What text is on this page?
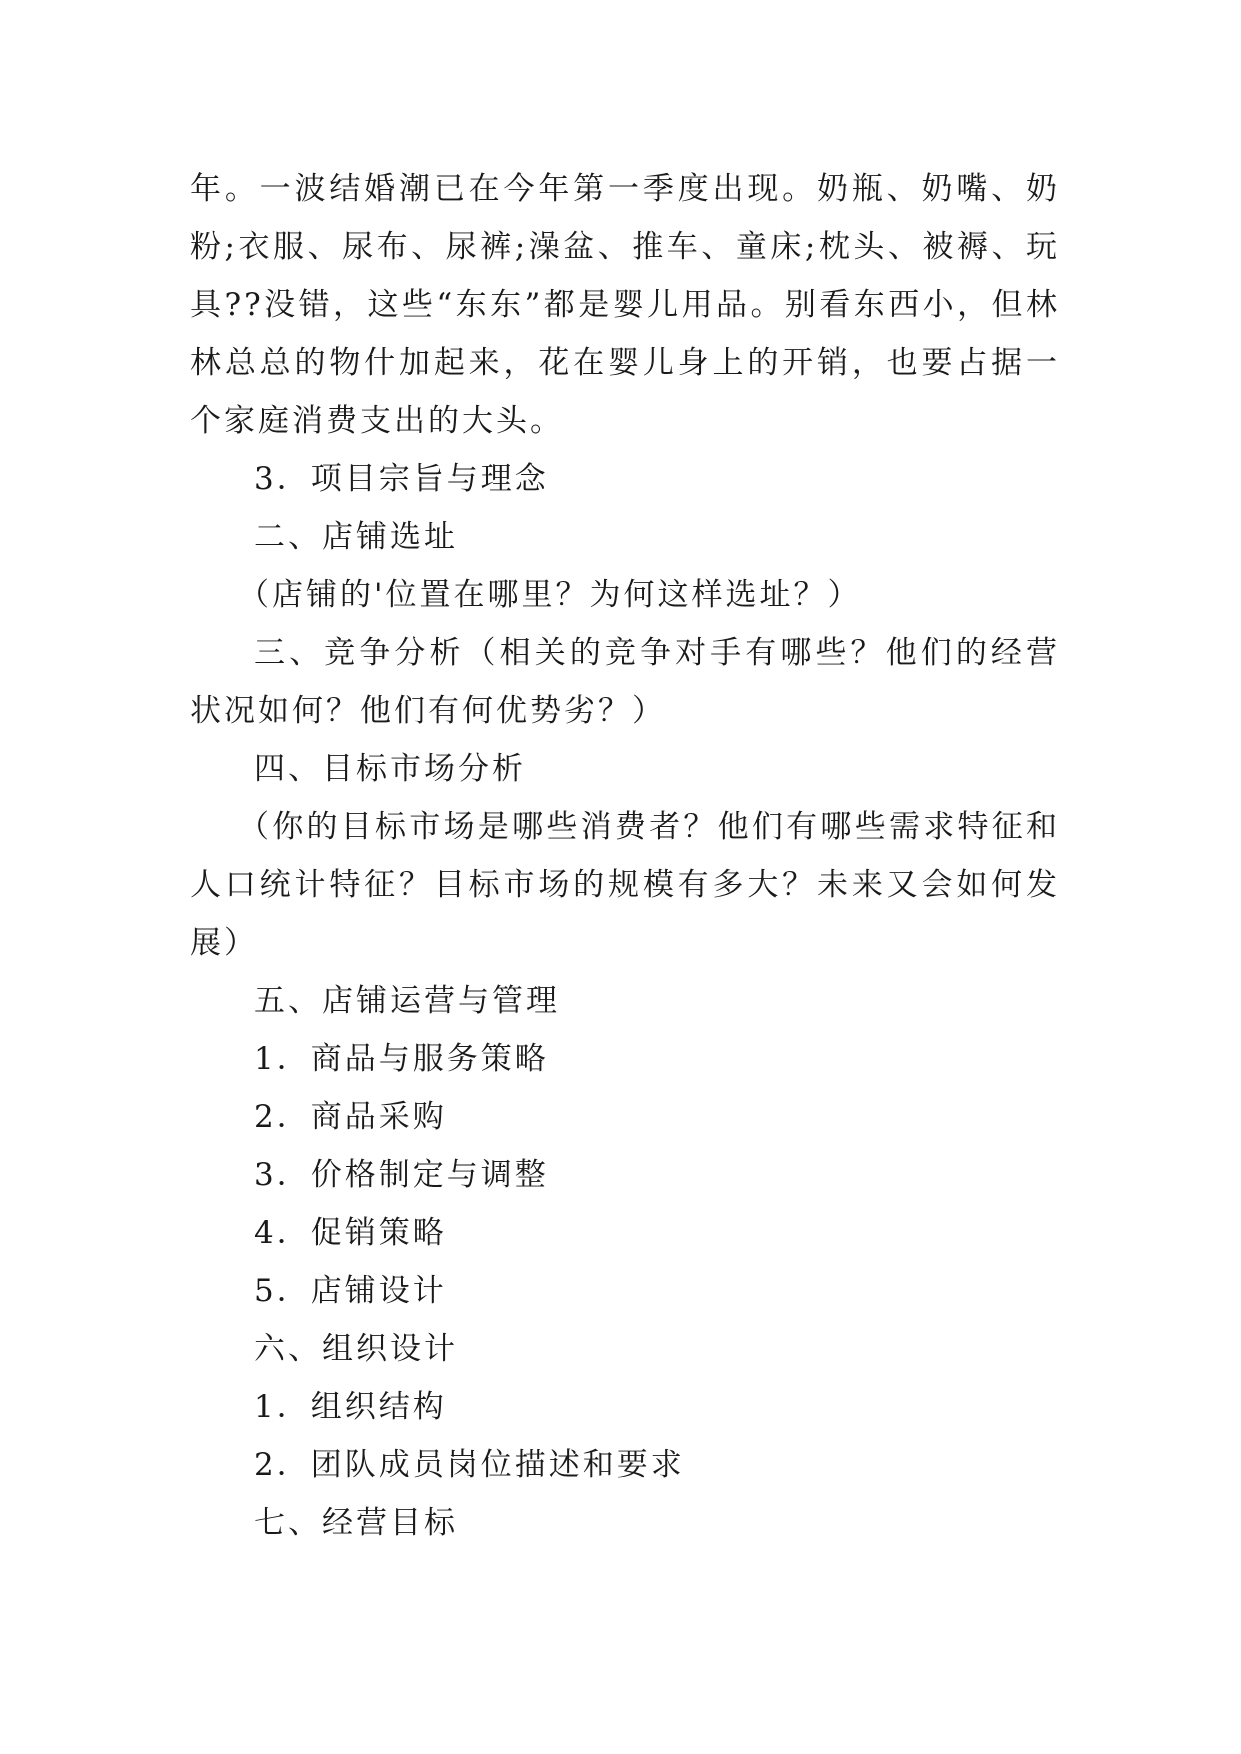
年。一波结婚潮已在今年第一季度出现。奶瓶、奶嘴、奶粉;衣服、尿布、尿裤;澡盆、推车、童床;枕头、被褥、玩具??没错，这些“东东”都是婴儿用品。别看东西小，但林林总总的物什加起来，花在婴儿身上的开销，也要占据一个家庭消费支出的大头。

3．项目宗旨与理念

二、店铺选址

（店铺的'位置在哪里？为何这样选址？）

三、竞争分析（相关的竞争对手有哪些？他们的经营状况如何？他们有何优势劣？）

四、目标市场分析

（你的目标市场是哪些消费者？他们有哪些需求特征和人口统计特征？目标市场的规模有多大？未来又会如何发展）

五、店铺运营与管理

1．商品与服务策略

2．商品采购

3．价格制定与调整

4．促销策略

5．店铺设计

六、组织设计

1．组织结构

2．团队成员岗位描述和要求

七、经营目标
